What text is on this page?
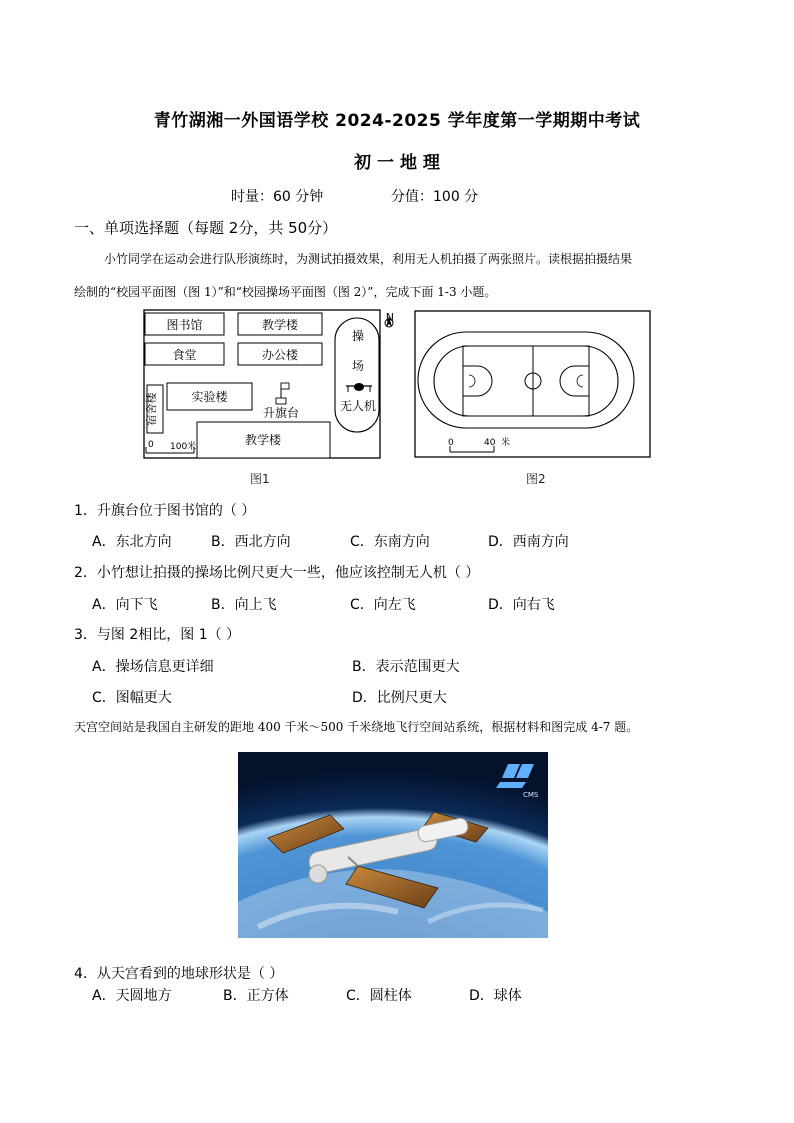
青竹湖湘一外国语学校 2024-2025 学年度第一学期期中考试
初 一 地 理
时量：60 分钟	分值：100 分
一、单项选择题（每题 2分，共 50分）
小竹同学在运动会进行队形演练时，为测试拍摄效果，利用无人机拍摄了两张照片。读根据拍摄结果
绘制的“校园平面图（图 1）”和“校园操场平面图（图 2）”，完成下面 1-3 小题。
图书馆	教学楼
食堂	办公楼
实验楼
宿舍楼	升旗台
教学楼
操
场
无人机
N
0 100米
图1
0	40 米
图2
1．升旗台位于图书馆的（ ）
A．东北方向	B．西北方向	C．东南方向	D．西南方向
2．小竹想让拍摄的操场比例尺更大一些，他应该控制无人机（ ）
A．向下飞	B．向上飞	C．向左飞	D．向右飞
3．与图 2相比，图 1（ ）
A．操场信息更详细	B．表示范围更大
C．图幅更大	D．比例尺更大
天宫空间站是我国自主研发的距地 400 千米～500 千米绕地飞行空间站系统，根据材料和图完成 4-7 题。
CMS
4．从天宫看到的地球形状是（ ）
A．天圆地方	B．正方体	C．圆柱体	D．球体
